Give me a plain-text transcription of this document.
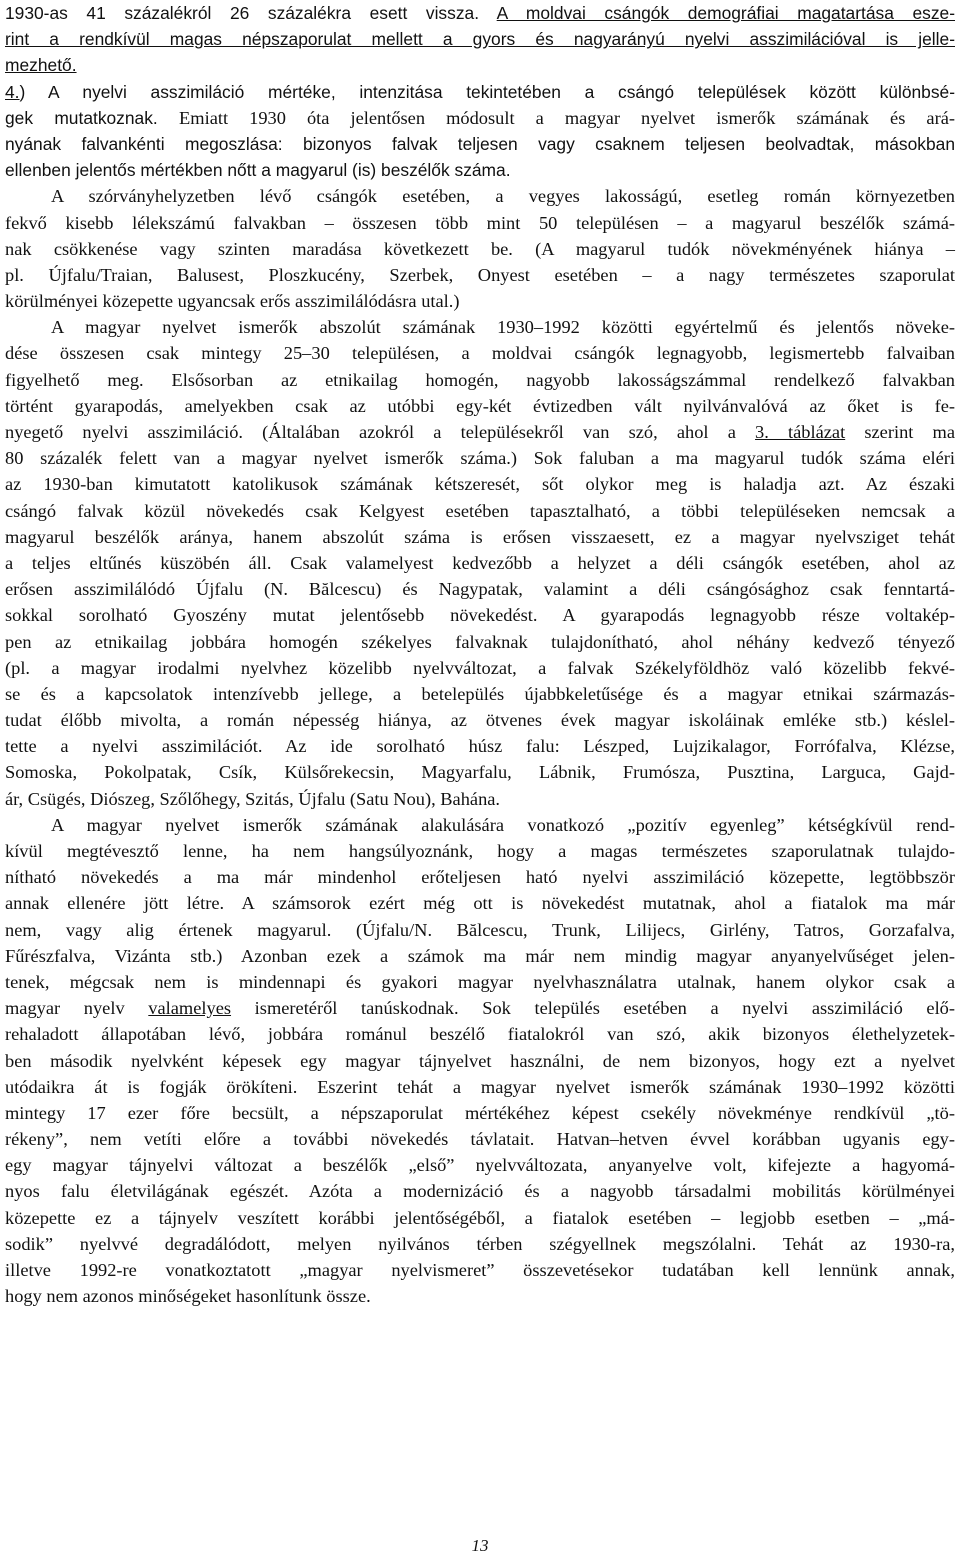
1930-as 41 százalékról 26 százalékra esett vissza. A moldvai csángók demográfiai magatartása esze-
rint a rendkívül magas népszaporulat mellett a gyors és nagyarányú nyelvi asszimilációval is jelle-
mezhető.
4.) A nyelvi asszimiláció mértéke, intenzitása tekintetében a csángó települések között különbsé-
gek mutatkoznak. Emiatt 1930 óta jelentősen módosult a magyar nyelvet ismerők számának és ará-
nyának falvankénti megoszlása: bizonyos falvak teljesen vagy csaknem teljesen beolvadtak, másokban
ellenben jelentős mértékben nőtt a magyarul (is) beszélők száma.
A szórványhelyzetben lévő csángók esetében, a vegyes lakosságú, esetleg román környezetben
fekvő kisebb lélekszámú falvakban – összesen több mint 50 településen – a magyarul beszélők számá-
nak csökkenése vagy szinten maradása következett be. (A magyarul tudók növekményének hiánya –
pl. Újfalu/Traian, Balusest, Ploszkucény, Szerbek, Onyest esetében – a nagy természetes szaporulat
körülményei közepette ugyancsak erős asszimilálódásra utal.)
A magyar nyelvet ismerők abszolút számának 1930–1992 közötti egyértelmű és jelentős növeke-
dése összesen csak mintegy 25–30 településen, a moldvai csángók legnagyobb, legismertebb falvaiban
figyelhető meg. Elsősorban az etnikailag homogén, nagyobb lakosságszámmal rendelkező falvakban
történt gyarapodás, amelyekben csak az utóbbi egy-két évtizedben vált nyilvánvalóvá az őket is fe-
nyegető nyelvi asszimiláció. (Általában azokról a településekről van szó, ahol a 3. táblázat szerint ma
80 százalék felett van a magyar nyelvet ismerők száma.) Sok faluban a ma magyarul tudók száma eléri
az 1930-ban kimutatott katolikusok számának kétszeresét, sőt olykor meg is haladja azt. Az északi
csángó falvak közül növekedés csak Kelgyest esetében tapasztalható, a többi településeken nemcsak a
magyarul beszélők aránya, hanem abszolút száma is erősen visszaesett, ez a magyar nyelvsziget tehát
a teljes eltűnés küszöbén áll. Csak valamelyest kedvezőbb a helyzet a déli csángók esetében, ahol az
erősen asszimilálódó Újfalu (N. Bălcescu) és Nagypatak, valamint a déli csángósághoz csak fenntartá-
sokkal sorolható Gyoszény mutat jelentősebb növekedést. A gyarapodás legnagyobb része voltakép-
pen az etnikailag jobbára homogén székelyes falvaknak tulajdonítható, ahol néhány kedvező tényező
(pl. a magyar irodalmi nyelvhez közelibb nyelvváltozat, a falvak Székelyföldhöz való közelibb fekvé-
se és a kapcsolatok intenzívebb jellege, a betelepülés újabbkeletűsége és a magyar etnikai származás-
tudat élőbb mivolta, a román népesség hiánya, az ötvenes évek magyar iskoláinak emléke stb.) késlel-
tette a nyelvi asszimilációt. Az ide sorolható húsz falu: Lészped, Lujzikalagor, Forrófalva, Klézse,
Somoska, Pokolpatak, Csík, Külsőrekecsin, Magyarfalu, Lábnik, Frumósza, Pusztina, Larguca, Gajd-
ár, Csügés, Diószeg, Szőlőhegy, Szitás, Újfalu (Satu Nou), Bahána.
A magyar nyelvet ismerők számának alakulására vonatkozó „pozitív egyenleg” kétségkívül rend-
kívül megtévesztő lenne, ha nem hangsúlyoznánk, hogy a magas természetes szaporulatnak tulajdo-
nítható növekedés a ma már mindenhol erőteljesen ható nyelvi asszimiláció közepette, legtöbbször
annak ellenére jött létre. A számsorok ezért még ott is növekedést mutatnak, ahol a fiatalok ma már
nem, vagy alig értenek magyarul. (Újfalu/N. Bălcescu, Trunk, Lilijecs, Girlény, Tatros, Gorzafalva,
Fűrészfalva, Vizánta stb.) Azonban ezek a számok ma már nem mindig magyar anyanyelvűséget jelen-
tenek, mégcsak nem is mindennapi és gyakori magyar nyelvhasználatra utalnak, hanem olykor csak a
magyar nyelv valamelyes ismeretéről tanúskodnak. Sok település esetében a nyelvi asszimiláció elő-
rehaladott állapotában lévő, jobbára románul beszélő fiatalokról van szó, akik bizonyos élethelyzetek-
ben második nyelvként képesek egy magyar tájnyelvet használni, de nem bizonyos, hogy ezt a nyelvet
utódaikra át is fogják örökíteni. Eszerint tehát a magyar nyelvet ismerők számának 1930–1992 közötti
mintegy 17 ezer főre becsült, a népszaporulat mértékéhez képest csekély növekménye rendkívül „tö-
rékeny”, nem vetíti előre a további növekedés távlatait. Hatvan–hetven évvel korábban ugyanis egy-
egy magyar tájnyelvi változat a beszélők „első” nyelvváltozata, anyanyelve volt, kifejezte a hagyomá-
nyos falu életvilágának egészét. Azóta a modernizáció és a nagyobb társadalmi mobilitás körülményei
közepette ez a tájnyelv veszített korábbi jelentőségéből, a fiatalok esetében – legjobb esetben – „má-
sodik” nyelvvé degradálódott, melyen nyilvános térben szégyellnek megszólalni. Tehát az 1930-ra,
illetve 1992-re vonatkoztatott „magyar nyelvismeret” összevetésekor tudatában kell lennünk annak,
hogy nem azonos minőségeket hasonlítunk össze.
13
